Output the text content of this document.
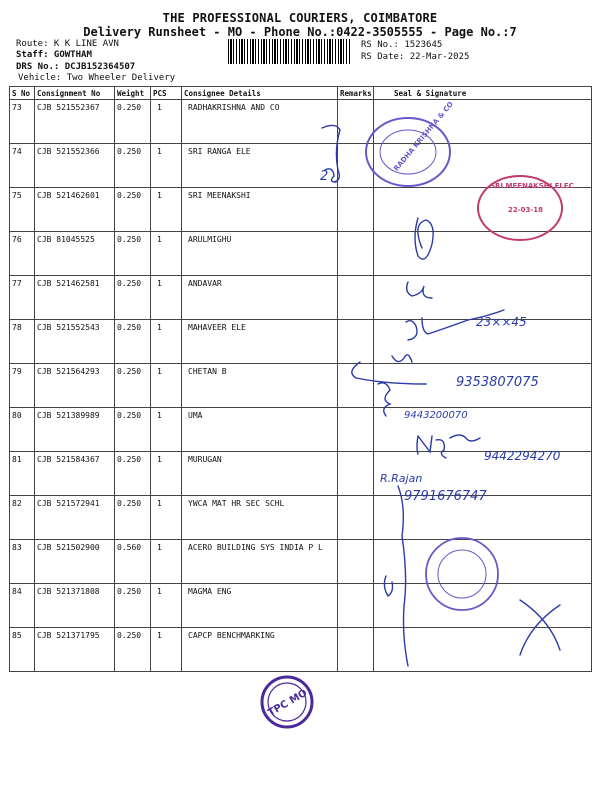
THE PROFESSIONAL COURIERS, COIMBATORE
Delivery Runsheet - MO - Phone No.:0422-3505555 - Page No.:7
Route: K K LINE AVN
Staff: GOWTHAM
DRS No.: DCJB152364507
Vehicle: Two Wheeler Delivery
RS No.: 1523645
RS Date: 22-Mar-2025
S No	Consignment No	Weight	PCS	Consignee Details	Remarks	Seal & Signature
73	CJB 521552367	0.250	1	RADHAKRISHNA AND CO		
74	CJB 521552366	0.250	1	SRI RANGA ELE		
75	CJB 521462601	0.250	1	SRI MEENAKSHI		
76	CJB 81045525	0.250	1	ARULMIGHU		
77	CJB 521462581	0.250	1	ANDAVAR		
78	CJB 521552543	0.250	1	MAHAVEER ELE		
79	CJB 521564293	0.250	1	CHETAN B		
80	CJB 521389989	0.250	1	UMA		
81	CJB 521584367	0.250	1	MURUGAN		
82	CJB 521572941	0.250	1	YWCA MAT HR SEC SCHL		
83	CJB 521502900	0.560	1	ACERO BUILDING SYS INDIA P L		
84	CJB 521371808	0.250	1	MAGMA ENG		
85	CJB 521371795	0.250	1	CAPCP BENCHMARKING		
2
23××45
9353807075
9443200070
9442294270
R.Rajan
9791676747
RADHA KRISHNA & CO
SRI MEENAKSHI ELEC
22-03-18
TPC MO
